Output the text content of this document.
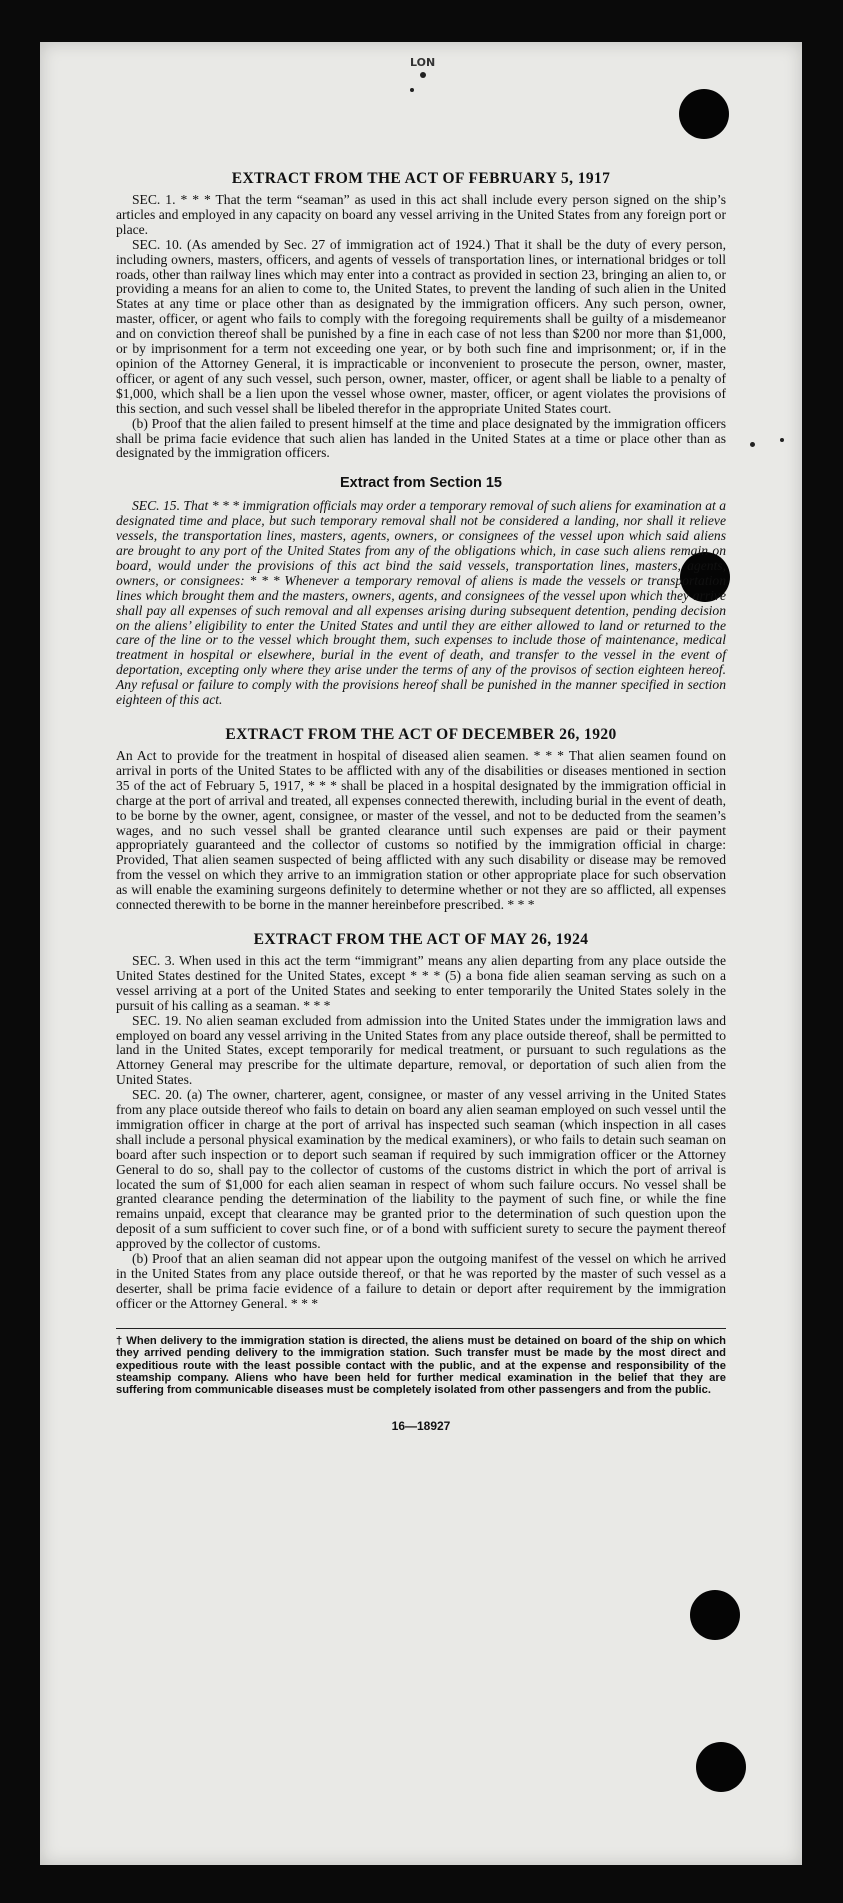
LON
EXTRACT FROM THE ACT OF FEBRUARY 5, 1917

SEC. 1. * * * That the term “seaman” as used in this act shall include every person signed on the ship’s articles and employed in any capacity on board any vessel arriving in the United States from any foreign port or place.

SEC. 10. (As amended by Sec. 27 of immigration act of 1924.) That it shall be the duty of every person, including owners, masters, officers, and agents of vessels of transportation lines, or international bridges or toll roads, other than railway lines which may enter into a contract as provided in section 23, bringing an alien to, or providing a means for an alien to come to, the United States, to prevent the landing of such alien in the United States at any time or place other than as designated by the immigration officers. Any such person, owner, master, officer, or agent who fails to comply with the foregoing requirements shall be guilty of a misdemeanor and on conviction thereof shall be punished by a fine in each case of not less than $200 nor more than $1,000, or by imprisonment for a term not exceeding one year, or by both such fine and imprisonment; or, if in the opinion of the Attorney General, it is impracticable or inconvenient to prosecute the person, owner, master, officer, or agent of any such vessel, such person, owner, master, officer, or agent shall be liable to a penalty of $1,000, which shall be a lien upon the vessel whose owner, master, officer, or agent violates the provisions of this section, and such vessel shall be libeled therefor in the appropriate United States court.

(b) Proof that the alien failed to present himself at the time and place designated by the immigration officers shall be prima facie evidence that such alien has landed in the United States at a time or place other than as designated by the immigration officers.

Extract from Section 15

SEC. 15. That * * * immigration officials may order a temporary removal of such aliens for examination at a designated time and place, but such temporary removal shall not be considered a landing, nor shall it relieve vessels, the transportation lines, masters, agents, owners, or consignees of the vessel upon which said aliens are brought to any port of the United States from any of the obligations which, in case such aliens remain on board, would under the provisions of this act bind the said vessels, transportation lines, masters, agents, owners, or consignees: * * * Whenever a temporary removal of aliens is made the vessels or transportation lines which brought them and the masters, owners, agents, and consignees of the vessel upon which they arrive shall pay all expenses of such removal and all expenses arising during subsequent detention, pending decision on the aliens’ eligibility to enter the United States and until they are either allowed to land or returned to the care of the line or to the vessel which brought them, such expenses to include those of maintenance, medical treatment in hospital or elsewhere, burial in the event of death, and transfer to the vessel in the event of deportation, excepting only where they arise under the terms of any of the provisos of section eighteen hereof. Any refusal or failure to comply with the provisions hereof shall be punished in the manner specified in section eighteen of this act.

EXTRACT FROM THE ACT OF DECEMBER 26, 1920

An Act to provide for the treatment in hospital of diseased alien seamen. * * * That alien seamen found on arrival in ports of the United States to be afflicted with any of the disabilities or diseases mentioned in section 35 of the act of February 5, 1917, * * * shall be placed in a hospital designated by the immigration official in charge at the port of arrival and treated, all expenses connected therewith, including burial in the event of death, to be borne by the owner, agent, consignee, or master of the vessel, and not to be deducted from the seamen’s wages, and no such vessel shall be granted clearance until such expenses are paid or their payment appropriately guaranteed and the collector of customs so notified by the immigration official in charge: Provided, That alien seamen suspected of being afflicted with any such disability or disease may be removed from the vessel on which they arrive to an immigration station or other appropriate place for such observation as will enable the examining surgeons definitely to determine whether or not they are so afflicted, all expenses connected therewith to be borne in the manner hereinbefore prescribed. * * *

EXTRACT FROM THE ACT OF MAY 26, 1924

SEC. 3. When used in this act the term “immigrant” means any alien departing from any place outside the United States destined for the United States, except * * * (5) a bona fide alien seaman serving as such on a vessel arriving at a port of the United States and seeking to enter temporarily the United States solely in the pursuit of his calling as a seaman. * * *

SEC. 19. No alien seaman excluded from admission into the United States under the immigration laws and employed on board any vessel arriving in the United States from any place outside thereof, shall be permitted to land in the United States, except temporarily for medical treatment, or pursuant to such regulations as the Attorney General may prescribe for the ultimate departure, removal, or deportation of such alien from the United States.

SEC. 20. (a) The owner, charterer, agent, consignee, or master of any vessel arriving in the United States from any place outside thereof who fails to detain on board any alien seaman employed on such vessel until the immigration officer in charge at the port of arrival has inspected such seaman (which inspection in all cases shall include a personal physical examination by the medical examiners), or who fails to detain such seaman on board after such inspection or to deport such seaman if required by such immigration officer or the Attorney General to do so, shall pay to the collector of customs of the customs district in which the port of arrival is located the sum of $1,000 for each alien seaman in respect of whom such failure occurs. No vessel shall be granted clearance pending the determination of the liability to the payment of such fine, or while the fine remains unpaid, except that clearance may be granted prior to the determination of such question upon the deposit of a sum sufficient to cover such fine, or of a bond with sufficient surety to secure the payment thereof approved by the collector of customs.

(b) Proof that an alien seaman did not appear upon the outgoing manifest of the vessel on which he arrived in the United States from any place outside thereof, or that he was reported by the master of such vessel as a deserter, shall be prima facie evidence of a failure to detain or deport after requirement by the immigration officer or the Attorney General. * * *

† When delivery to the immigration station is directed, the aliens must be detained on board of the ship on which they arrived pending delivery to the immigration station. Such transfer must be made by the most direct and expeditious route with the least possible contact with the public, and at the expense and responsibility of the steamship company. Aliens who have been held for further medical examination in the belief that they are suffering from communicable diseases must be completely isolated from other passengers and from the public.

16—18927
